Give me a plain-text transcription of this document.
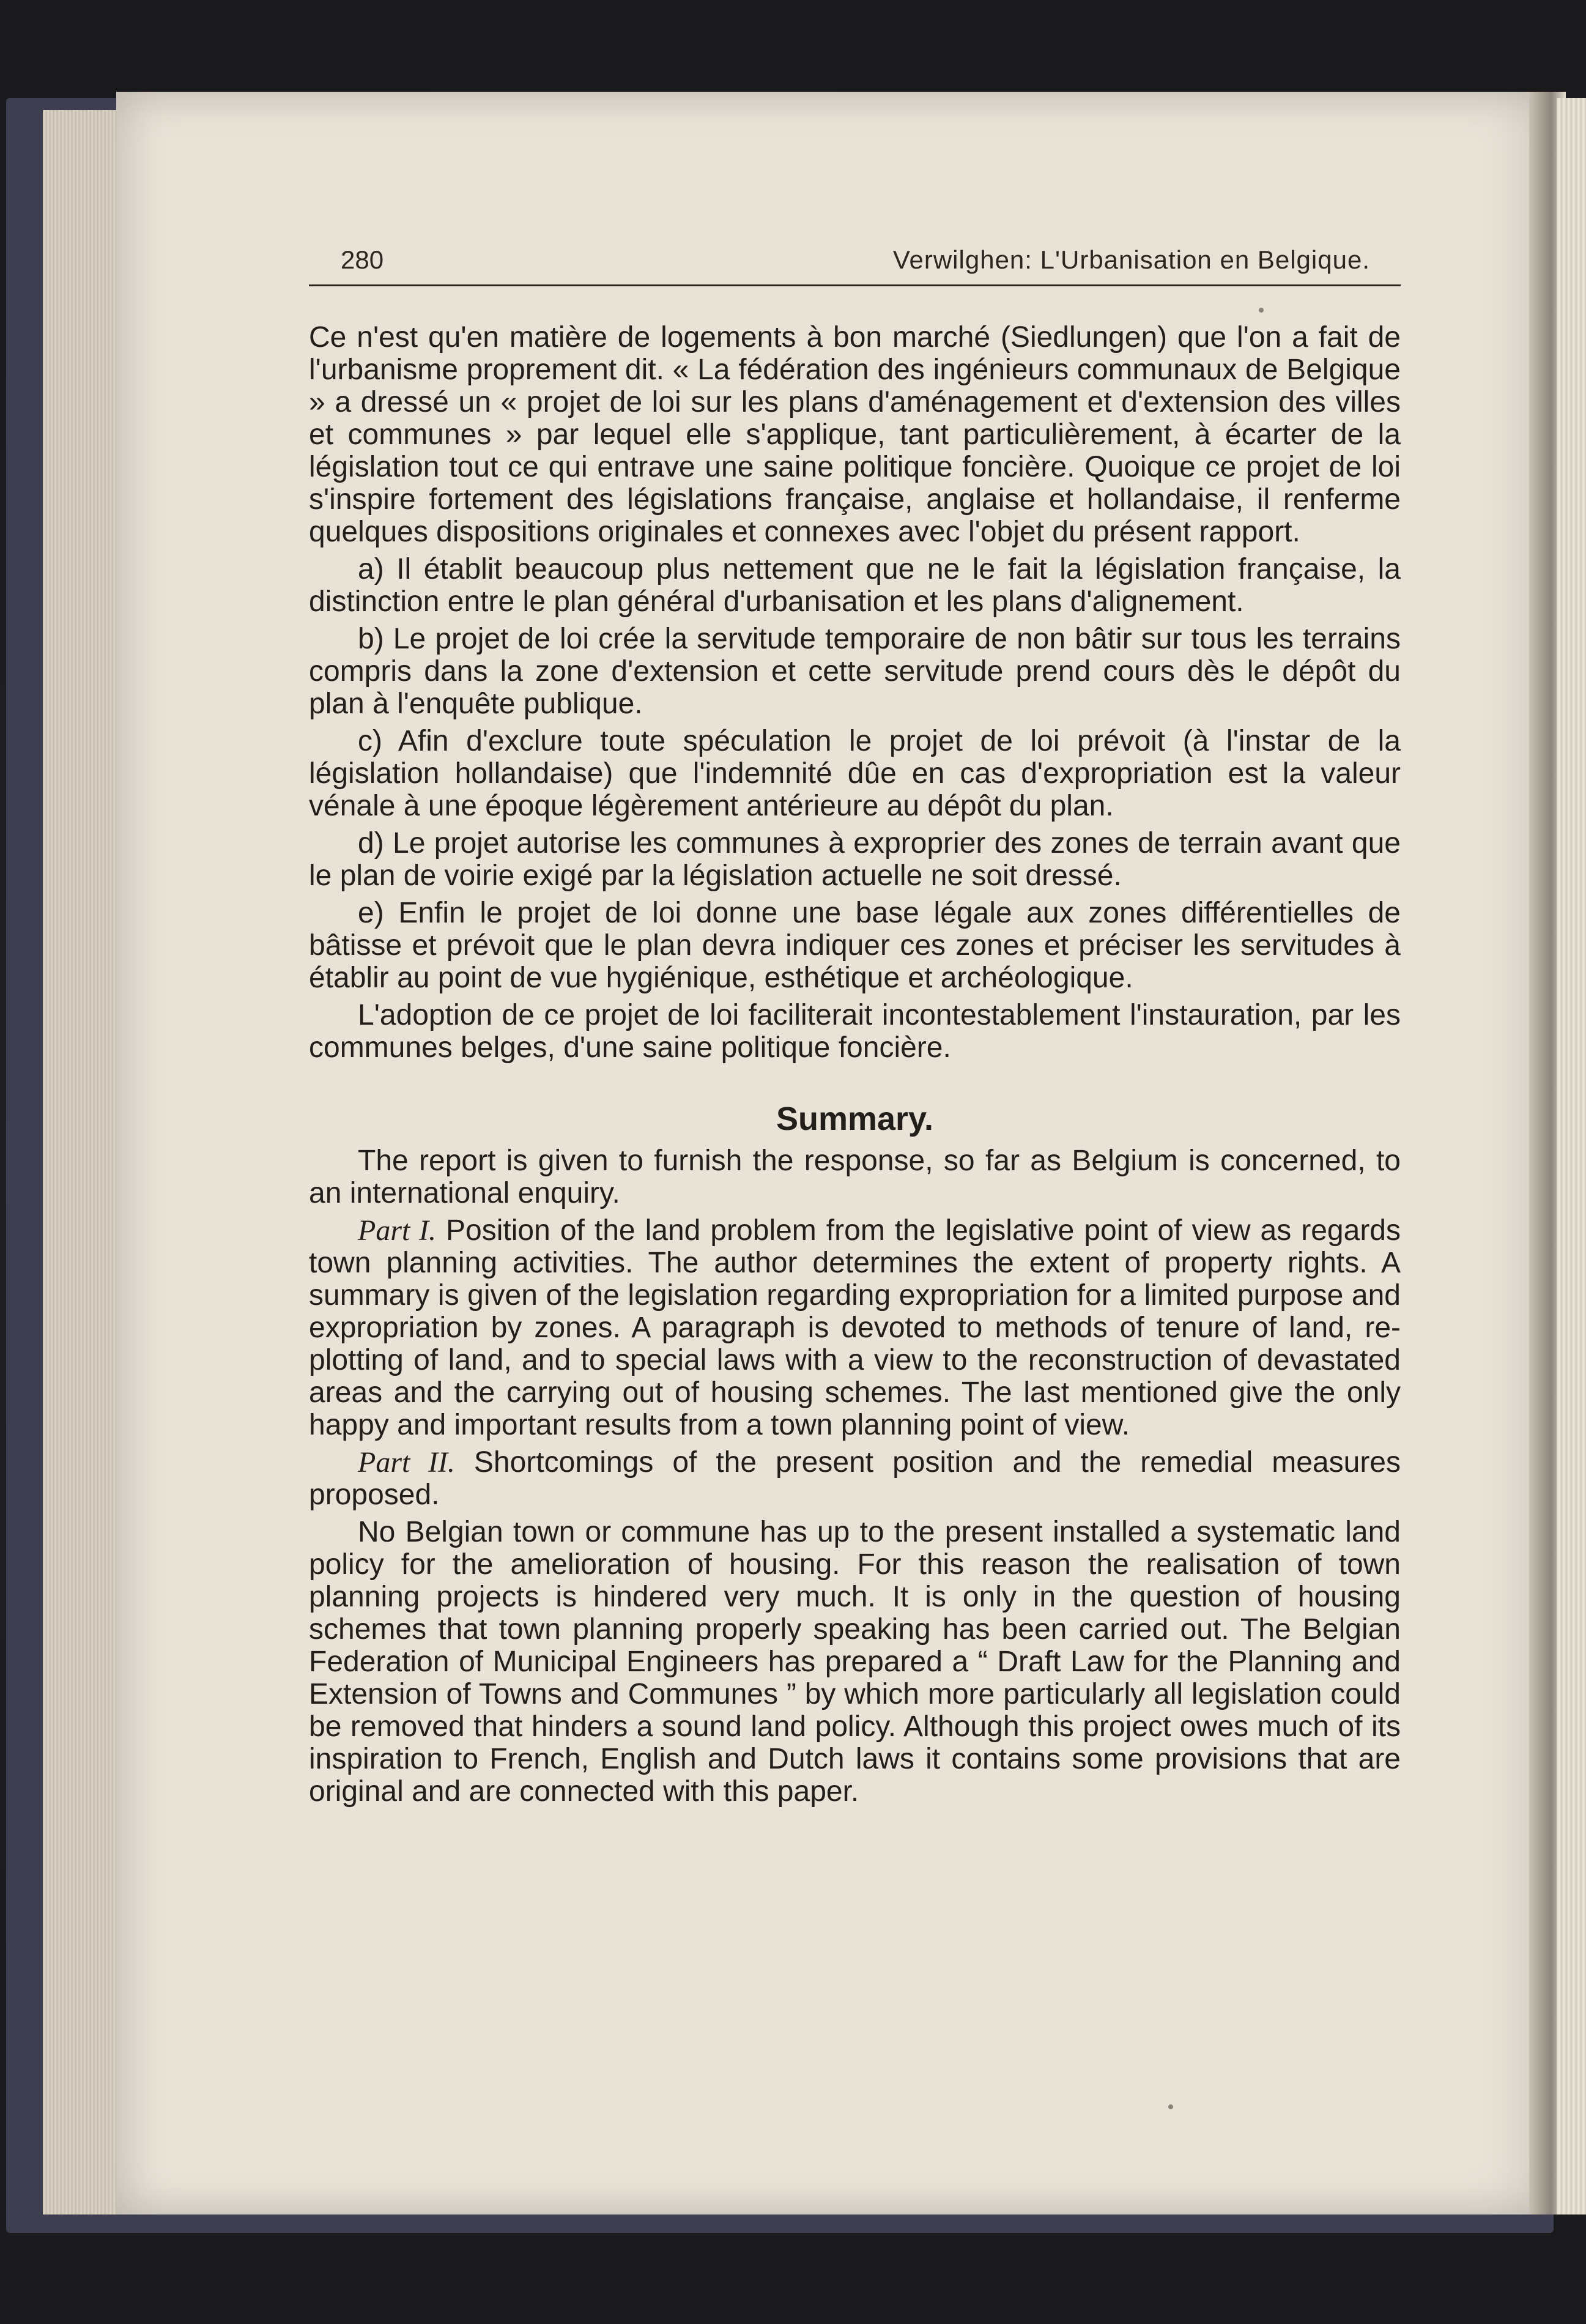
280	Verwilghen: L'Urbanisation en Belgique.

Ce n'est qu'en matière de logements à bon marché (Siedlungen) que l'on a fait de l'urbanisme proprement dit. « La fédération des ingénieurs communaux de Belgique » a dressé un « projet de loi sur les plans d'aménagement et d'extension des villes et communes » par lequel elle s'applique, tant particulièrement, à écarter de la législation tout ce qui entrave une saine politique foncière. Quoique ce projet de loi s'inspire fortement des législations française, anglaise et hollandaise, il renferme quelques dispositions originales et connexes avec l'objet du présent rapport.

a) Il établit beaucoup plus nettement que ne le fait la législation française, la distinction entre le plan général d'urbanisation et les plans d'alignement.

b) Le projet de loi crée la servitude temporaire de non bâtir sur tous les terrains compris dans la zone d'extension et cette servitude prend cours dès le dépôt du plan à l'enquête publique.

c) Afin d'exclure toute spéculation le projet de loi prévoit (à l'instar de la législation hollandaise) que l'indemnité dûe en cas d'expropriation est la valeur vénale à une époque légèrement antérieure au dépôt du plan.

d) Le projet autorise les communes à exproprier des zones de terrain avant que le plan de voirie exigé par la législation actuelle ne soit dressé.

e) Enfin le projet de loi donne une base légale aux zones différentielles de bâtisse et prévoit que le plan devra indiquer ces zones et préciser les servitudes à établir au point de vue hygiénique, esthétique et archéologique.

L'adoption de ce projet de loi faciliterait incontestablement l'instauration, par les communes belges, d'une saine politique foncière.

Summary.

The report is given to furnish the response, so far as Belgium is concerned, to an international enquiry.

Part I. Position of the land problem from the legislative point of view as regards town planning activities. The author determines the extent of property rights. A summary is given of the legislation regarding expropriation for a limited purpose and expropriation by zones. A paragraph is devoted to methods of tenure of land, re-plotting of land, and to special laws with a view to the reconstruction of devastated areas and the carrying out of housing schemes. The last mentioned give the only happy and important results from a town planning point of view.

Part II. Shortcomings of the present position and the remedial measures proposed.

No Belgian town or commune has up to the present installed a systematic land policy for the amelioration of housing. For this reason the realisation of town planning projects is hindered very much. It is only in the question of housing schemes that town planning properly speaking has been carried out. The Belgian Federation of Municipal Engineers has prepared a “ Draft Law for the Planning and Extension of Towns and Communes ” by which more particularly all legislation could be removed that hinders a sound land policy. Although this project owes much of its inspiration to French, English and Dutch laws it contains some provisions that are original and are connected with this paper.
